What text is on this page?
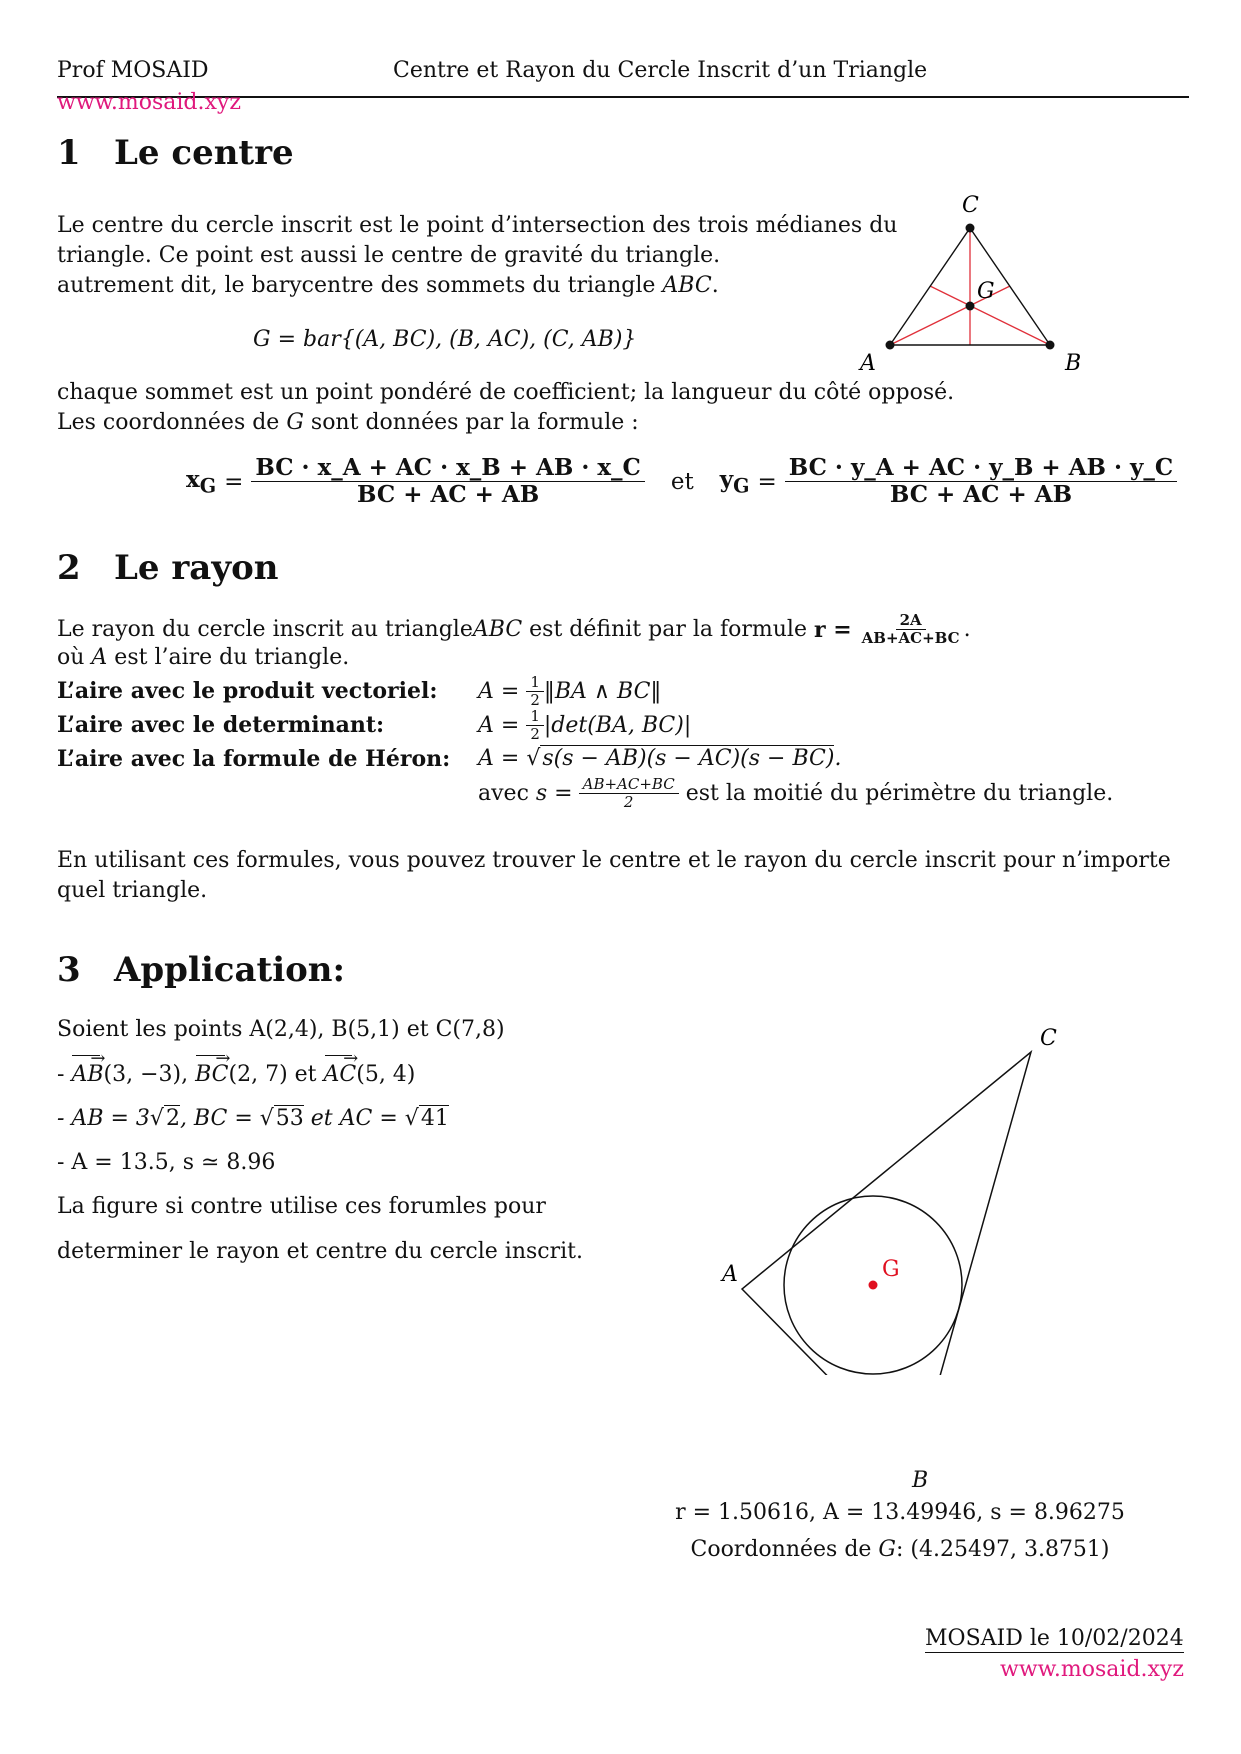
Prof MOSAID	Centre et Rayon du Cercle Inscrit d’un Triangle
www.mosaid.xyz
1 Le centre
Le centre du cercle inscrit est le point d’intersection des trois médianes du
triangle. Ce point est aussi le centre de gravité du triangle.
autrement dit, le barycentre des sommets du triangle ABC.
G = bar{(A, BC), (B, AC), (C, AB)}
chaque sommet est un point pondéré de coefficient; la langueur du côté opposé.
Les coordonnées de G sont données par la formule :
$x_G = \frac{BC \cdot x\_A + AC \cdot x\_B + AB \cdot x\_C}{BC + AC + AB}$ et $y_G = \frac{BC \cdot y\_A + AC \cdot y\_B + AB \cdot y\_C}{BC + AC + AB}$
A	B
C
G
2 Le rayon
Le rayon du cercle inscrit au triangle ABC est définit par la formule $r = \frac{2A}{AB+AC+BC}$ .
où A est l’aire du triangle.
L’aire avec le produit vectoriel: $A = \frac{1}{2}$ ‖BA ∧ BC‖
L’aire avec le determinant:	$A = \frac{1}{2} |\det(BA$, BC)|
L’aire avec la formule de Héron: A = √s(s − AB)(s − AC)(s − BC).
avec $s = \frac{AB+AC+BC}{2}$ est la moitié du périmètre du triangle.
En utilisant ces formules, vous pouvez trouver le centre et le rayon du cercle inscrit pour n’importe
quel triangle.
3 Application:
Soient les points A(2,4), B(5,1) et C(7,8)
- → AB(3, −3), → BC(2, 7) et → AC(5, 4)
- AB = 3√2, BC = √53 et AC = √41
- A = 13.5, s ≃ 8.96
La figure si contre utilise ces forumles pour
determiner le rayon et centre du cercle inscrit.
G
A
C
B
r = 1.50616, A = 13.49946, s = 8.96275
Coordonnées de G: (4.25497, 3.8751)
MOSAID le 10/02/2024
www.mosaid.xyz
